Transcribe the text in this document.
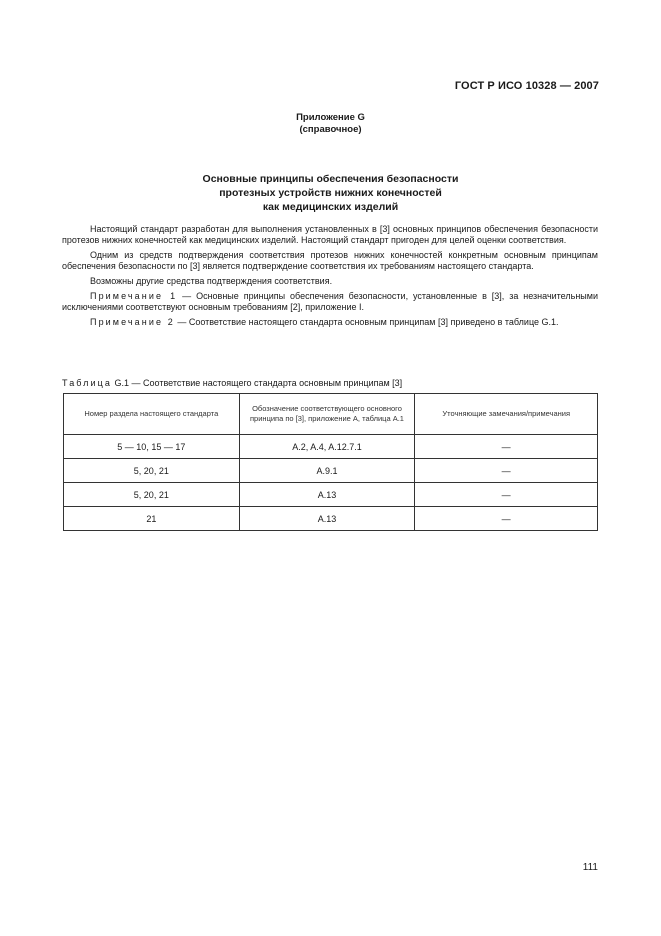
ГОСТ Р ИСО 10328 — 2007
Приложение G
(справочное)
Основные принципы обеспечения безопасности
протезных устройств нижних конечностей
как медицинских изделий

Настоящий стандарт разработан для выполнения установленных в [3] основных принципов обеспечения безопасности протезов нижних конечностей как медицинских изделий. Настоящий стандарт пригоден для целей оценки соответствия.

Одним из средств подтверждения соответствия протезов нижних конечностей конкретным основным принципам обеспечения безопасности по [3] является подтверждение соответствия их требованиям настоящего стандарта.

Возможны другие средства подтверждения соответствия.

Примечание 1 — Основные принципы обеспечения безопасности, установленные в [3], за незначительными исключениями соответствуют основным требованиям [2], приложение I.

Примечание 2 — Соответствие настоящего стандарта основным принципам [3] приведено в таблице G.1.

Таблица G.1 — Соответствие настоящего стандарта основным принципам [3]
Номер раздела настоящего стандарта	Обозначение соответствующего основного принципа по [3], приложение А, таблица А.1	Уточняющие замечания/примечания
5 — 10, 15 — 17	A.2, A.4, A.12.7.1	—
5, 20, 21	A.9.1	—
5, 20, 21	A.13	—
21	A.13	—
111
